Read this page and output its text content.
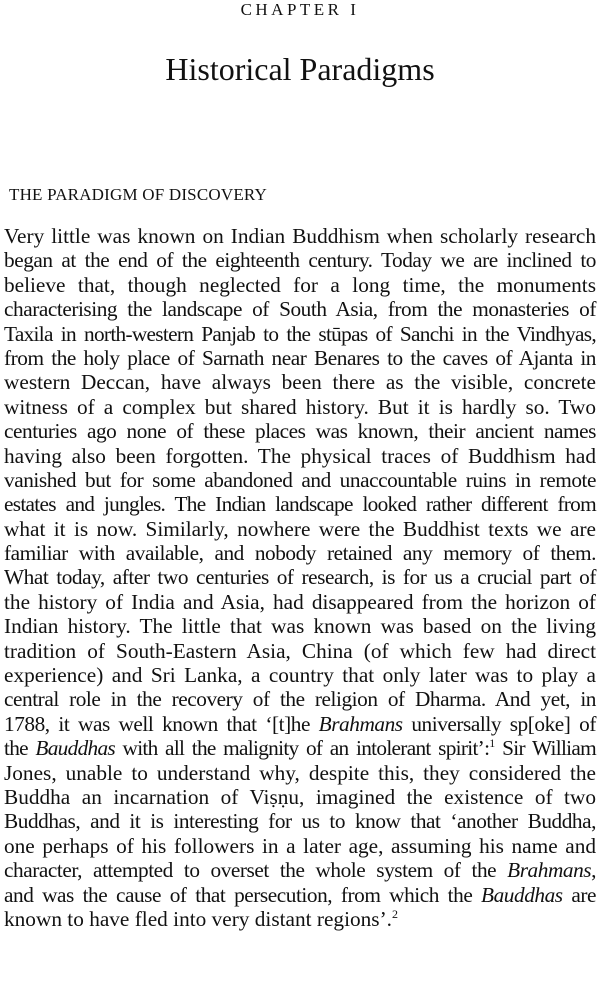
CHAPTER I
Historical Paradigms
THE PARADIGM OF DISCOVERY
Very little was known on Indian Buddhism when scholarly research
began at the end of the eighteenth century. Today we are inclined to
believe that, though neglected for a long time, the monuments
characterising the landscape of South Asia, from the monasteries of
Taxila in north-western Panjab to the stūpas of Sanchi in the Vindhyas,
from the holy place of Sarnath near Benares to the caves of Ajanta in
western Deccan, have always been there as the visible, concrete
witness of a complex but shared history. But it is hardly so. Two
centuries ago none of these places was known, their ancient names
having also been forgotten. The physical traces of Buddhism had
vanished but for some abandoned and unaccountable ruins in remote
estates and jungles. The Indian landscape looked rather different from
what it is now. Similarly, nowhere were the Buddhist texts we are
familiar with available, and nobody retained any memory of them.
What today, after two centuries of research, is for us a crucial part of
the history of India and Asia, had disappeared from the horizon of
Indian history. The little that was known was based on the living
tradition of South-Eastern Asia, China (of which few had direct
experience) and Sri Lanka, a country that only later was to play a
central role in the recovery of the religion of Dharma. And yet, in
1788, it was well known that ‘[t]he Brahmans universally sp[oke] of
the Bauddhas with all the malignity of an intolerant spirit’:$^1$ Sir William
Jones, unable to understand why, despite this, they considered the
Buddha an incarnation of Viṣṇu, imagined the existence of two
Buddhas, and it is interesting for us to know that ‘another Buddha,
one perhaps of his followers in a later age, assuming his name and
character, attempted to overset the whole system of the Brahmans,
and was the cause of that persecution, from which the Bauddhas are
known to have fled into very distant regions’.$^2$
